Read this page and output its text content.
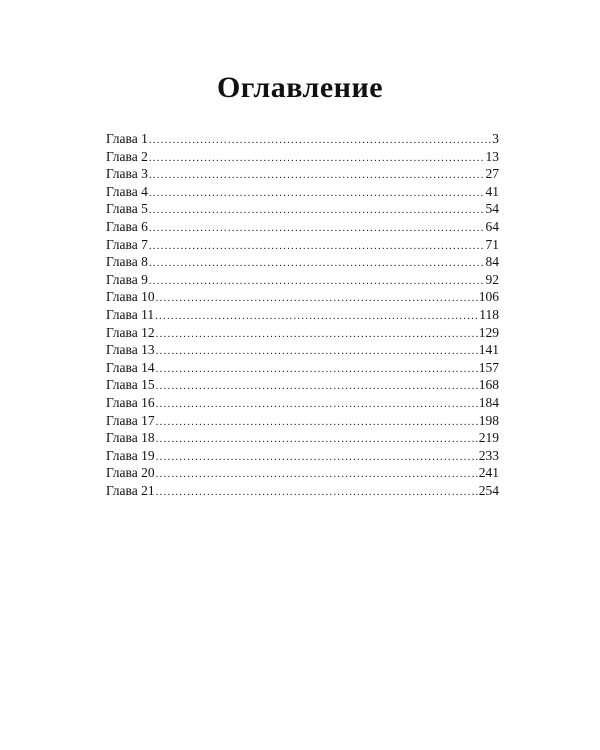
Оглавление
Глава 1 .....	3
Глава 2 .....	13
Глава 3 .....	27
Глава 4 .....	41
Глава 5 .....	54
Глава 6 .....	64
Глава 7 .....	71
Глава 8 .....	84
Глава 9 .....	92
Глава 10 .....	106
Глава 11 .....	118
Глава 12 .....	129
Глава 13 .....	141
Глава 14 .....	157
Глава 15 .....	168
Глава 16 .....	184
Глава 17 .....	198
Глава 18 .....	219
Глава 19 .....	233
Глава 20 .....	241
Глава 21 .....	254
